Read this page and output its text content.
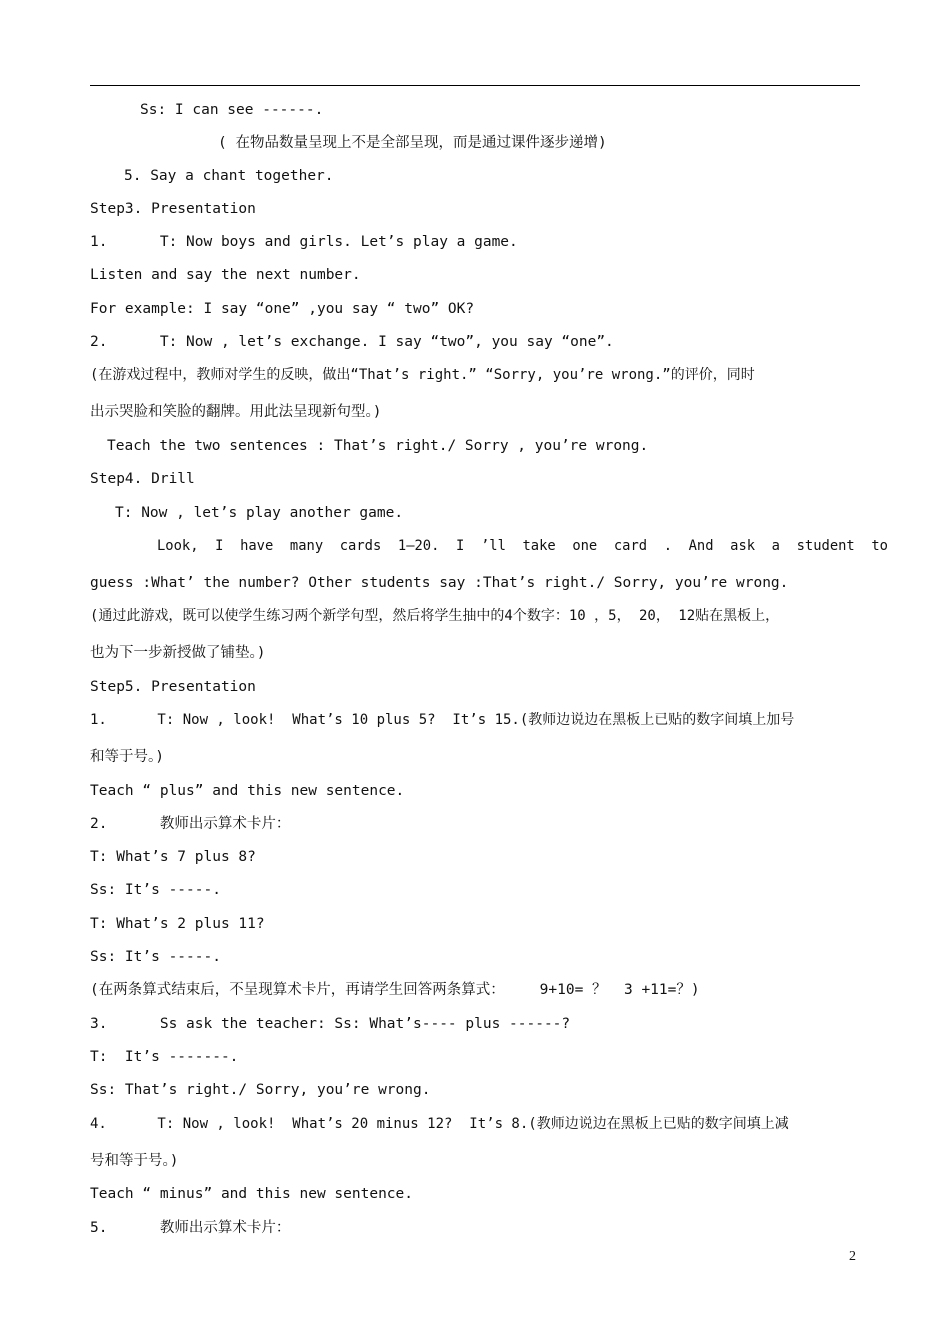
Ss: I can see ------.
( 在物品数量呈现上不是全部呈现，而是通过课件逐步递增)
5. Say a chant together.
Step3. Presentation
1.      T: Now boys and girls. Let’s play a game.
Listen and say the next number.
For example: I say “one” ,you say “ two” OK?
2.      T: Now , let’s exchange. I say “two”, you say “one”.
(在游戏过程中，教师对学生的反映，做出“That’s right.” “Sorry, you’re wrong.”的评价，同时
出示哭脸和笑脸的翻牌。用此法呈现新句型。)
Teach the two sentences : That’s right./ Sorry , you’re wrong.
Step4. Drill
T: Now , let’s play another game.
Look,  I  have  many  cards  1—20.  I  ’ll  take  one  card  .  And  ask  a  student  to
guess :What’ the number? Other students say :That’s right./ Sorry, you’re wrong.
(通过此游戏，既可以使学生练习两个新学句型，然后将学生抽中的4个数字：10 ，5， 20， 12贴在黑板上，
也为下一步新授做了铺垫。)
Step5. Presentation
1.      T: Now , look!  What’s 10 plus 5?  It’s 15.(教师边说边在黑板上已贴的数字间填上加号
和等于号。)
Teach “ plus” and this new sentence.
2.      教师出示算术卡片：
T: What’s 7 plus 8?
Ss: It’s -----.
T: What’s 2 plus 11?
Ss: It’s -----.
(在两条算式结束后，不呈现算术卡片，再请学生回答两条算式：    9+10= ？  3 +11=？)
3.      Ss ask the teacher: Ss: What’s---- plus ------?
T:  It’s -------.
Ss: That’s right./ Sorry, you’re wrong.
4.      T: Now , look!  What’s 20 minus 12?  It’s 8.(教师边说边在黑板上已贴的数字间填上减
号和等于号。)
Teach “ minus” and this new sentence.
5.      教师出示算术卡片：
2
